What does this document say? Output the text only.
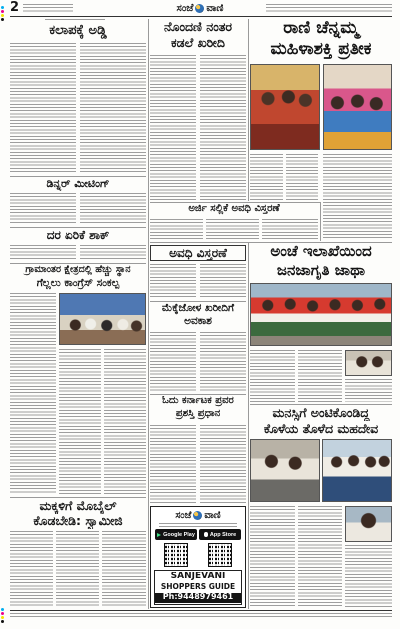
2	ಸಂಜೆ ವಾಣಿ
ಕಲಾಪಕ್ಕೆ ಅಡ್ಡಿ
ಡಿನ್ನರ್ ಮೀಟಿಂಗ್
ದರ ಏರಿಕೆ ಶಾಕ್
ಗ್ರಾಮಾಂತರ ಕ್ಷೇತ್ರದಲ್ಲಿ ಹೆಚ್ಚು ಸ್ಥಾನ
ಗೆಲ್ಲಲು ಕಾಂಗ್ರೆಸ್ ಸಂಕಲ್ಪ
ಮಕ್ಕಳಿಗೆ ಮೊಬೈಲ್
ಕೊಡಬೇಡಿ: ಸ್ವಾಮೀಜಿ
ನೊಂದಣಿ ನಂತರ
ಕಡಲೆ ಖರೀದಿ
ಅರ್ಜಿ ಸಲ್ಲಿಕೆ ಅವಧಿ ವಿಸ್ತರಣೆ
ಅವಧಿ ವಿಸ್ತರಣೆ
ಮೆಕ್ಕೆಜೋಳ ಖರೀದಿಗೆ
ಅವಕಾಶ
ಓದು ಕರ್ನಾಟಕ ಪ್ರವರ
ಪ್ರಶಸ್ತಿ ಪ್ರಧಾನ
ಸಂಜೆ ವಾಣಿ
Google Play	App Store
SANJEVANI
SHOPPERS GUIDE
Ph:9448979461
ರಾಣಿ ಚೆನ್ನಮ್ಮ
ಮಹಿಳಾಶಕ್ತಿ ಪ್ರತೀಕ
ಅಂಚೆ ಇಲಾಖೆಯಿಂದ
ಜನಜಾಗೃತಿ ಜಾಥಾ
ಮನಸ್ಸಿಗೆ ಅಂಟಿಕೊಂಡಿದ್ದ
ಕೊಳೆಯ ತೊಳೆದ ಮಹದೇವ
